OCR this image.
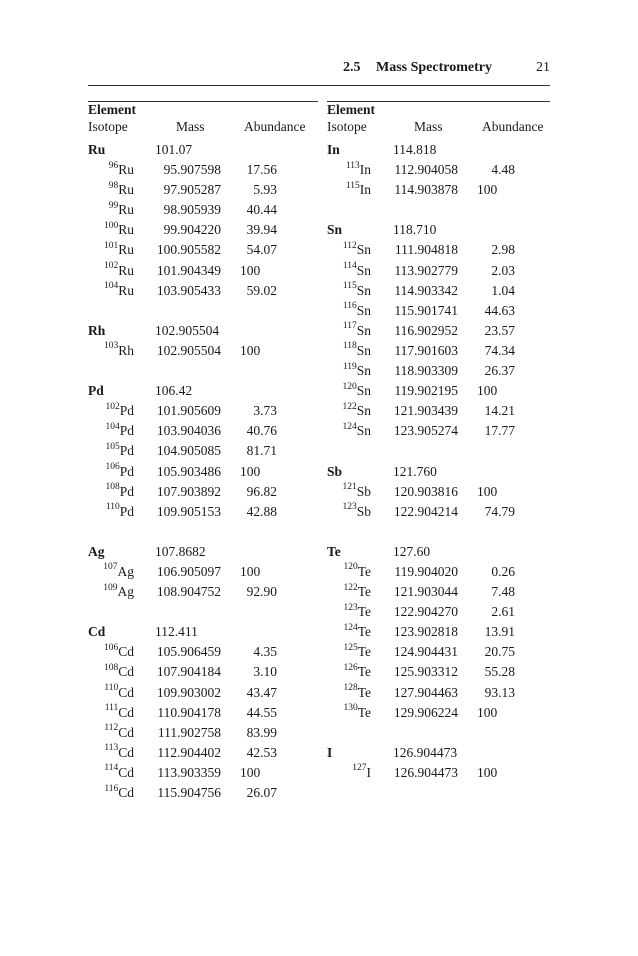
2.5 Mass Spectrometry	21
Element
Isotope	Mass	Abundance
Ru	101.07
$^{96}$Ru 95.907598 17.56
$^{98}$Ru 97.905287 5.93
$^{99}$Ru 98.905939 40.44
$^{100}$Ru 99.904220 39.94
$^{101}$Ru 100.905582 54.07
$^{102}$Ru 101.904349 100
$^{104}$Ru 103.905433 59.02
Rh	102.905504
$^{103}$Rh 102.905504 100
Pd	106.42
$^{102}$Pd 101.905609 3.73
$^{104}$Pd 103.904036 40.76
$^{105}$Pd 104.905085 81.71
$^{106}$Pd 105.903486 100
$^{108}$Pd 107.903892 96.82
$^{110}$Pd 109.905153 42.88
Ag	107.8682
$^{107}$Ag 106.905097 100
$^{109}$Ag 108.904752 92.90
Cd	112.411
$^{106}$Cd 105.906459 4.35
$^{108}$Cd 107.904184 3.10
$^{110}$Cd 109.903002 43.47
$^{111}$Cd 110.904178 44.55
$^{112}$Cd 111.902758 83.99
$^{113}$Cd 112.904402 42.53
$^{114}$Cd 113.903359 100
$^{116}$Cd 115.904756 26.07
Element
Isotope	Mass	Abundance
In	114.818
$^{113}$In 112.904058 4.48
$^{115}$In 114.903878 100
Sn	118.710
$^{112}$Sn 111.904818 2.98
$^{114}$Sn 113.902779 2.03
$^{115}$Sn 114.903342 1.04
$^{116}$Sn 115.901741 44.63
$^{117}$Sn 116.902952 23.57
$^{118}$Sn 117.901603 74.34
$^{119}$Sn 118.903309 26.37
$^{120}$Sn 119.902195 100
$^{122}$Sn 121.903439 14.21
$^{124}$Sn 123.905274 17.77
Sb	121.760
$^{121}$Sb 120.903816 100
$^{123}$Sb 122.904214 74.79
Te	127.60
$^{120}$Te 119.904020 0.26
$^{122}$Te 121.903044 7.48
$^{123}$Te 122.904270 2.61
$^{124}$Te 123.902818 13.91
$^{125}$Te 124.904431 20.75
$^{126}$Te 125.903312 55.28
$^{128}$Te 127.904463 93.13
$^{130}$Te 129.906224 100
I	126.904473
$^{127}$I 126.904473 100
